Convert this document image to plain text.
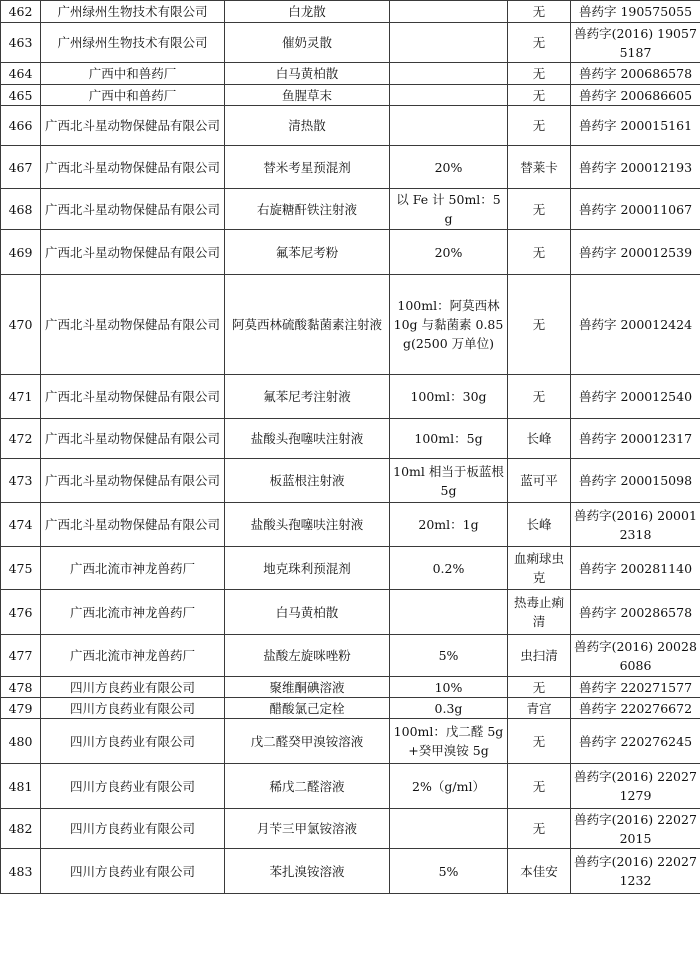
462	广州绿州生物技术有限公司	白龙散		无	兽药字 190575055
463	广州绿州生物技术有限公司	催奶灵散		无	兽药字(2016) 190575187
464	广西中和兽药厂	白马黄柏散		无	兽药字 200686578
465	广西中和兽药厂	鱼腥草末		无	兽药字 200686605
466	广西北斗星动物保健品有限公司	清热散		无	兽药字 200015161
467	广西北斗星动物保健品有限公司	替米考星预混剂	20%	替莱卡	兽药字 200012193
468	广西北斗星动物保健品有限公司	右旋糖酐铁注射液	以 Fe 计 50ml：5g	无	兽药字 200011067
469	广西北斗星动物保健品有限公司	氟苯尼考粉	20%	无	兽药字 200012539
470	广西北斗星动物保健品有限公司	阿莫西林硫酸黏菌素注射液	100ml：阿莫西林 10g 与黏菌素 0.85g(2500 万单位)	无	兽药字 200012424
471	广西北斗星动物保健品有限公司	氟苯尼考注射液	100ml：30g	无	兽药字 200012540
472	广西北斗星动物保健品有限公司	盐酸头孢噻呋注射液	100ml：5g	长峰	兽药字 200012317
473	广西北斗星动物保健品有限公司	板蓝根注射液	10ml 相当于板蓝根 5g	蓝可平	兽药字 200015098
474	广西北斗星动物保健品有限公司	盐酸头孢噻呋注射液	20ml：1g	长峰	兽药字(2016) 200012318
475	广西北流市神龙兽药厂	地克珠利预混剂	0.2%	血痢球虫克	兽药字 200281140
476	广西北流市神龙兽药厂	白马黄柏散		热毒止痢清	兽药字 200286578
477	广西北流市神龙兽药厂	盐酸左旋咪唑粉	5%	虫扫清	兽药字(2016) 200286086
478	四川方良药业有限公司	聚维酮碘溶液	10%	无	兽药字 220271577
479	四川方良药业有限公司	醋酸氯己定栓	0.3g	青宫	兽药字 220276672
480	四川方良药业有限公司	戊二醛癸甲溴铵溶液	100ml：戊二醛 5g+癸甲溴铵 5g	无	兽药字 220276245
481	四川方良药业有限公司	稀戊二醛溶液	2%（g/ml）	无	兽药字(2016) 220271279
482	四川方良药业有限公司	月苄三甲氯铵溶液		无	兽药字(2016) 220272015
483	四川方良药业有限公司	苯扎溴铵溶液	5%	本佳安	兽药字(2016) 220271232
